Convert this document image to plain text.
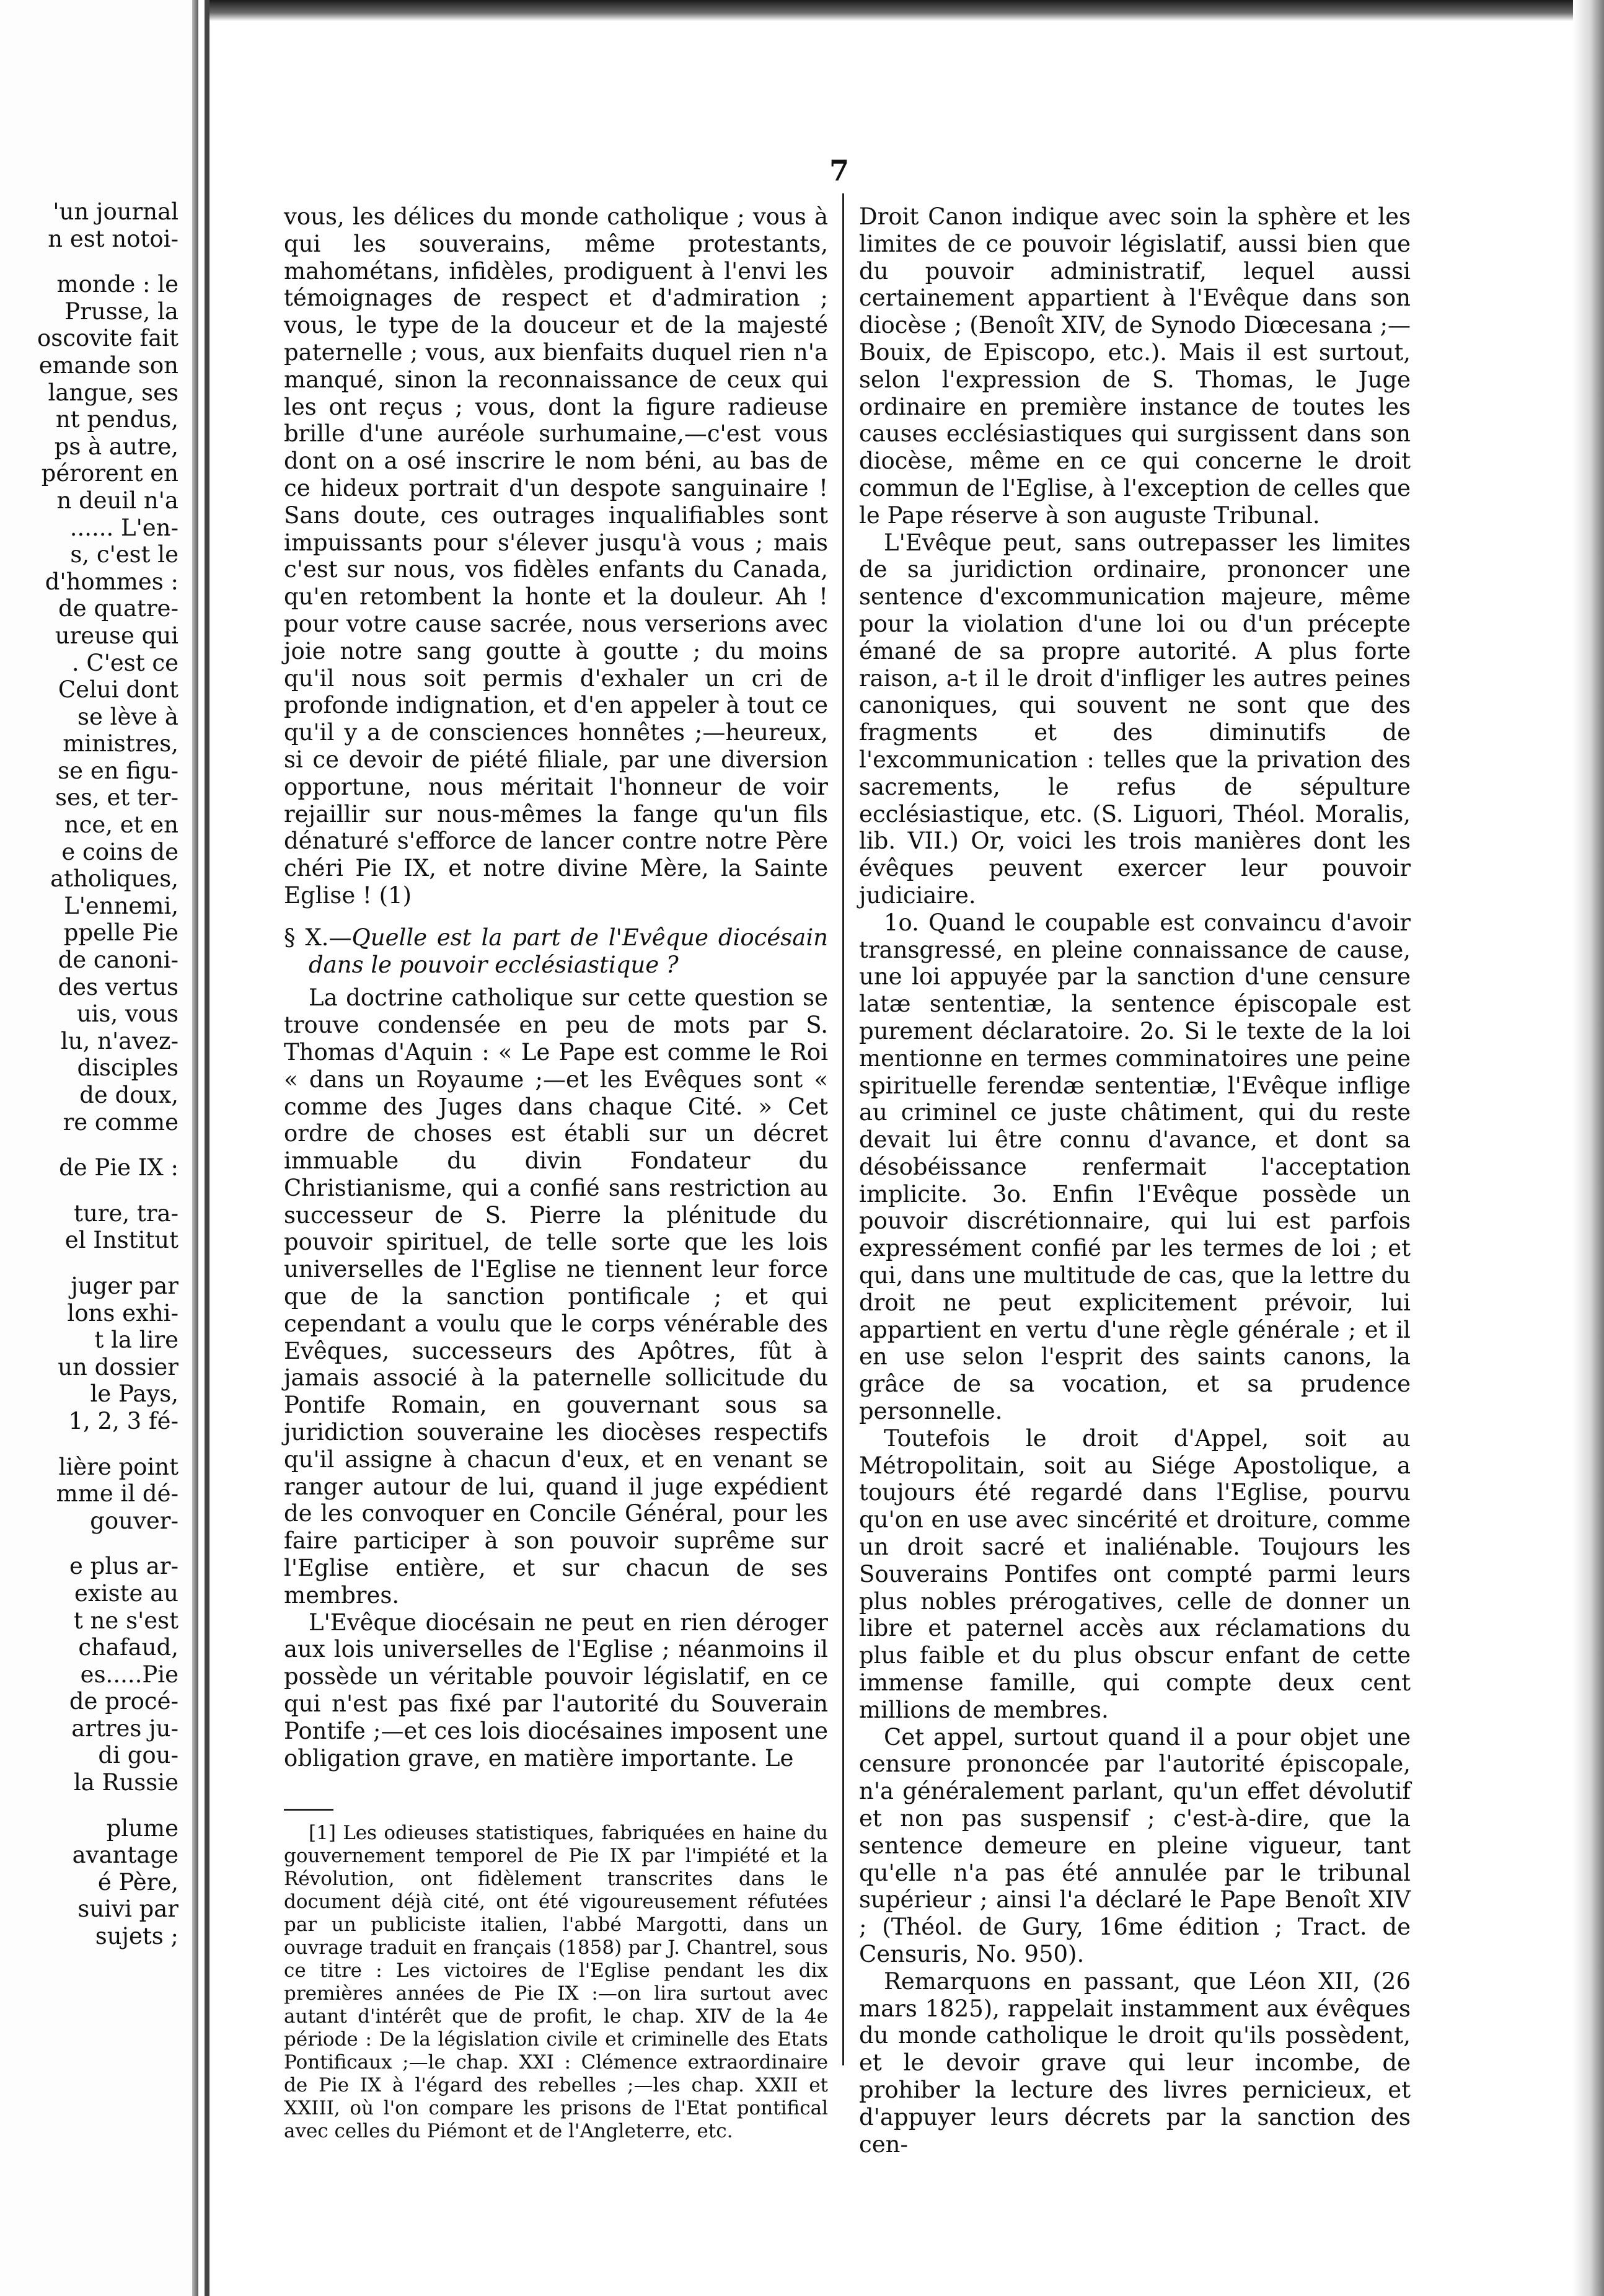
'un journal
n est notoi-
monde : le
Prusse, la
oscovite fait
emande son
langue, ses
nt pendus,
ps à autre,
pérorent en
n deuil n'a
...... L'en-
s, c'est le
d'hommes :
de quatre-
ureuse qui
. C'est ce
Celui dont
se lève à
ministres,
se en figu-
ses, et ter-
nce, et en
e coins de
atholiques,
L'ennemi,
ppelle Pie
de canoni-
des vertus
uis, vous
lu, n'avez-
disciples
de doux,
re comme
de Pie IX :
ture, tra-
el Institut
juger par
lons exhi-
t la lire
un dossier
le Pays,
1, 2, 3 fé-
lière point
mme il dé-
gouver-
e plus ar-
existe au
t ne s'est
chafaud,
es.....Pie
de procé-
artres ju-
di gou-
la Russie
plume
avantage
é Père,
suivi par
sujets ;
7

vous, les délices du monde catholique ; vous à qui les souverains, même protestants, mahométans, infidèles, prodiguent à l'envi les témoignages de respect et d'admiration ; vous, le type de la douceur et de la majesté paternelle ; vous, aux bienfaits duquel rien n'a manqué, sinon la reconnaissance de ceux qui les ont reçus ; vous, dont la figure radieuse brille d'une auréole surhumaine,—c'est vous dont on a osé inscrire le nom béni, au bas de ce hideux portrait d'un despote sanguinaire ! Sans doute, ces outrages inqualifiables sont impuissants pour s'élever jusqu'à vous ; mais c'est sur nous, vos fidèles enfants du Canada, qu'en retombent la honte et la douleur. Ah ! pour votre cause sacrée, nous verserions avec joie notre sang goutte à goutte ; du moins qu'il nous soit permis d'exhaler un cri de profonde indignation, et d'en appeler à tout ce qu'il y a de consciences honnêtes ;—heureux, si ce devoir de piété filiale, par une diversion opportune, nous méritait l'honneur de voir rejaillir sur nous-mêmes la fange qu'un fils dénaturé s'efforce de lancer contre notre Père chéri Pie IX, et notre divine Mère, la Sainte Eglise ! (1)

§ X.—Quelle est la part de l'Evêque diocésain dans le pouvoir ecclésiastique ?

La doctrine catholique sur cette question se trouve condensée en peu de mots par S. Thomas d'Aquin : « Le Pape est comme le Roi « dans un Royaume ;—et les Evêques sont « comme des Juges dans chaque Cité. » Cet ordre de choses est établi sur un décret immuable du divin Fondateur du Christianisme, qui a confié sans restriction au successeur de S. Pierre la plénitude du pouvoir spirituel, de telle sorte que les lois universelles de l'Eglise ne tiennent leur force que de la sanction pontificale ; et qui cependant a voulu que le corps vénérable des Evêques, successeurs des Apôtres, fût à jamais associé à la paternelle sollicitude du Pontife Romain, en gouvernant sous sa juridiction souveraine les diocèses respectifs qu'il assigne à chacun d'eux, et en venant se ranger autour de lui, quand il juge expédient de les convoquer en Concile Général, pour les faire participer à son pouvoir suprême sur l'Eglise entière, et sur chacun de ses membres.

L'Evêque diocésain ne peut en rien déroger aux lois universelles de l'Eglise ; néanmoins il possède un véritable pouvoir législatif, en ce qui n'est pas fixé par l'autorité du Souverain Pontife ;—et ces lois diocésaines imposent une obligation grave, en matière importante. Le

[1] Les odieuses statistiques, fabriquées en haine du gouvernement temporel de Pie IX par l'impiété et la Révolution, ont fidèlement transcrites dans le document déjà cité, ont été vigoureusement réfutées par un publiciste italien, l'abbé Margotti, dans un ouvrage traduit en français (1858) par J. Chantrel, sous ce titre : Les victoires de l'Eglise pendant les dix premières années de Pie IX :—on lira surtout avec autant d'intérêt que de profit, le chap. XIV de la 4e période : De la législation civile et criminelle des Etats Pontificaux ;—le chap. XXI : Clémence extraordinaire de Pie IX à l'égard des rebelles ;—les chap. XXII et XXIII, où l'on compare les prisons de l'Etat pontifical avec celles du Piémont et de l'Angleterre, etc.

Droit Canon indique avec soin la sphère et les limites de ce pouvoir législatif, aussi bien que du pouvoir administratif, lequel aussi certainement appartient à l'Evêque dans son diocèse ; (Benoît XIV, de Synodo Diœcesana ;—Bouix, de Episcopo, etc.). Mais il est surtout, selon l'expression de S. Thomas, le Juge ordinaire en première instance de toutes les causes ecclésiastiques qui surgissent dans son diocèse, même en ce qui concerne le droit commun de l'Eglise, à l'exception de celles que le Pape réserve à son auguste Tribunal.

L'Evêque peut, sans outrepasser les limites de sa juridiction ordinaire, prononcer une sentence d'excommunication majeure, même pour la violation d'une loi ou d'un précepte émané de sa propre autorité. A plus forte raison, a-t il le droit d'infliger les autres peines canoniques, qui souvent ne sont que des fragments et des diminutifs de l'excommunication : telles que la privation des sacrements, le refus de sépulture ecclésiastique, etc. (S. Liguori, Théol. Moralis, lib. VII.) Or, voici les trois manières dont les évêques peuvent exercer leur pouvoir judiciaire.

1o. Quand le coupable est convaincu d'avoir transgressé, en pleine connaissance de cause, une loi appuyée par la sanction d'une censure latæ sententiæ, la sentence épiscopale est purement déclaratoire. 2o. Si le texte de la loi mentionne en termes comminatoires une peine spirituelle ferendæ sententiæ, l'Evêque inflige au criminel ce juste châtiment, qui du reste devait lui être connu d'avance, et dont sa désobéissance renfermait l'acceptation implicite. 3o. Enfin l'Evêque possède un pouvoir discrétionnaire, qui lui est parfois expressément confié par les termes de loi ; et qui, dans une multitude de cas, que la lettre du droit ne peut explicitement prévoir, lui appartient en vertu d'une règle générale ; et il en use selon l'esprit des saints canons, la grâce de sa vocation, et sa prudence personnelle.

Toutefois le droit d'Appel, soit au Métropolitain, soit au Siége Apostolique, a toujours été regardé dans l'Eglise, pourvu qu'on en use avec sincérité et droiture, comme un droit sacré et inaliénable. Toujours les Souverains Pontifes ont compté parmi leurs plus nobles prérogatives, celle de donner un libre et paternel accès aux réclamations du plus faible et du plus obscur enfant de cette immense famille, qui compte deux cent millions de membres.

Cet appel, surtout quand il a pour objet une censure prononcée par l'autorité épiscopale, n'a généralement parlant, qu'un effet dévolutif et non pas suspensif ; c'est-à-dire, que la sentence demeure en pleine vigueur, tant qu'elle n'a pas été annulée par le tribunal supérieur ; ainsi l'a déclaré le Pape Benoît XIV ; (Théol. de Gury, 16me édition ; Tract. de Censuris, No. 950).

Remarquons en passant, que Léon XII, (26 mars 1825), rappelait instamment aux évêques du monde catholique le droit qu'ils possèdent, et le devoir grave qui leur incombe, de prohiber la lecture des livres pernicieux, et d'appuyer leurs décrets par la sanction des cen-
